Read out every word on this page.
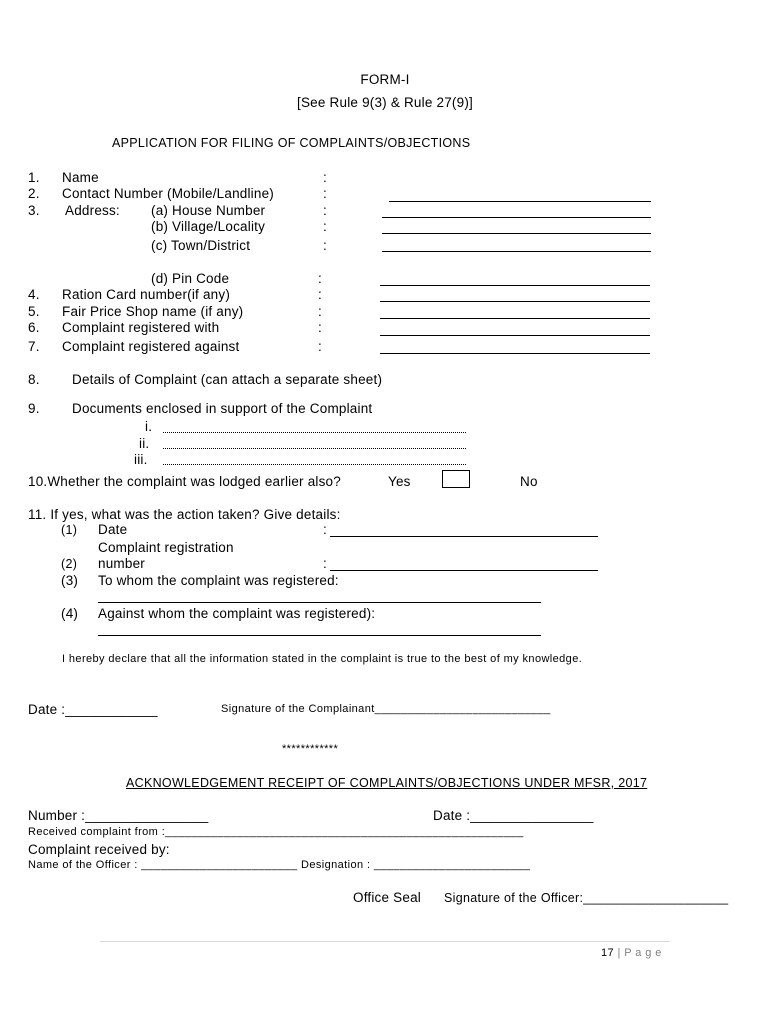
FORM-I
[See Rule 9(3) & Rule 27(9)]
APPLICATION FOR FILING OF COMPLAINTS/OBJECTIONS
1. Name	:
2. Contact Number (Mobile/Landline)	:
3. Address: (a) House Number	:
(b) Village/Locality	:
(c) Town/District	:
(d) Pin Code	:
4. Ration Card number(if any)	:
5. Fair Price Shop name (if any)	:
6. Complaint registered with	:
7. Complaint registered against	:
8. Details of Complaint (can attach a separate sheet)
9. Documents enclosed in support of the Complaint
i.
ii.
iii.
10.Whether the complaint was lodged earlier also?	Yes	No
11. If yes, what was the action taken? Give details:
(1) Date	:
Complaint registration
(2) number	:
(3) To whom the complaint was registered:
(4) Against whom the complaint was registered):
I hereby declare that all the information stated in the complaint is true to the best of my knowledge.
Date :____________	Signature of the Complainant___________________________
************
ACKNOWLEDGEMENT RECEIPT OF COMPLAINTS/OBJECTIONS UNDER MFSR, 2017
Number :________________	Date :________________
Received complaint from :_______________________________________________________
Complaint received by:
Name of the Officer : ________________________ Designation : ________________________
Office Seal Signature of the Officer:____________________
17 | P a g e
